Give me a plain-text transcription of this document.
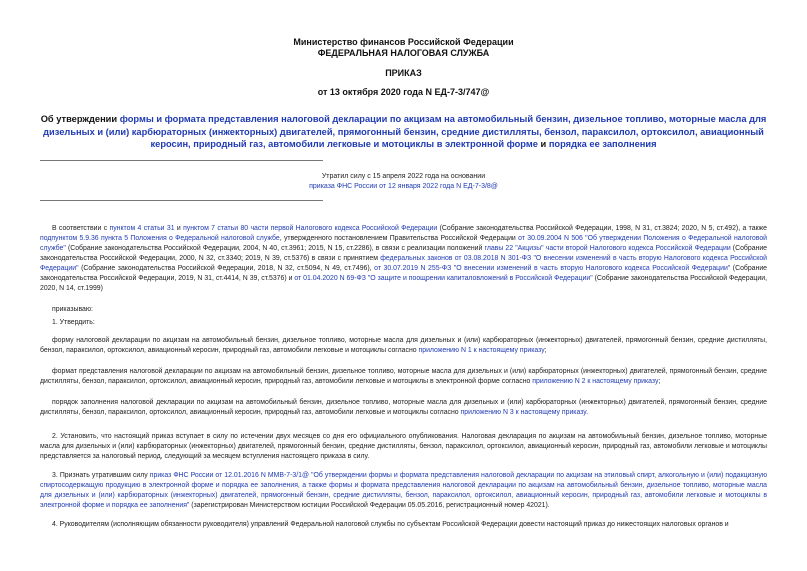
Министерство финансов Российской Федерации
ФЕДЕРАЛЬНАЯ НАЛОГОВАЯ СЛУЖБА
ПРИКАЗ
от 13 октября 2020 года N ЕД-7-3/747@
Об утверждении формы и формата представления налоговой декларации по акцизам на автомобильный бензин, дизельное топливо, моторные масла для дизельных и (или) карбюраторных (инжекторных) двигателей, прямогонный бензин, средние дистилляты, бензол, параксилол, ортоксилол, авиационный керосин, природный газ, автомобили легковые и мотоциклы в электронной форме и порядка ее заполнения
Утратил силу с 15 апреля 2022 года на основании
приказа ФНС России от 12 января 2022 года N ЕД-7-3/8@
В соответствии с пунктом 4 статьи 31 и пунктом 7 статьи 80 части первой Налогового кодекса Российской Федерации (Собрание законодательства Российской Федерации, 1998, N 31, ст.3824; 2020, N 5, ст.492), а также подпунктом 5.9.36 пункта 5 Положения о Федеральной налоговой службе, утвержденного постановлением Правительства Российской Федерации от 30.09.2004 N 506 "Об утверждении Положения о Федеральной налоговой службе" (Собрание законодательства Российской Федерации, 2004, N 40, ст.3961; 2015, N 15, ст.2286), в связи с реализации положений главы 22 "Акцизы" части второй Налогового кодекса Российской Федерации (Собрание законодательства Российской Федерации, 2000, N 32, ст.3340; 2019, N 39, ст.5376) в связи с принятием федеральных законов от 03.08.2018 N 301-ФЗ "О внесении изменений в часть вторую Налогового кодекса Российской Федерации" (Собрание законодательства Российской Федерации, 2018, N 32, ст.5094, N 49, ст.7496), от 30.07.2019 N 255-ФЗ "О внесении изменений в часть вторую Налогового кодекса Российской Федерации" (Собрание законодательства Российской Федерации, 2019, N 31, ст.4414, N 39, ст.5376) и от 01.04.2020 N 69-ФЗ "О защите и поощрении капиталовложений в Российской Федерации" (Собрание законодательства Российской Федерации, 2020, N 14, ст.1999)
приказываю:
1. Утвердить:
форму налоговой декларации по акцизам на автомобильный бензин, дизельное топливо, моторные масла для дизельных и (или) карбюраторных (инжекторных) двигателей, прямогонный бензин, средние дистилляты, бензол, параксилол, ортоксилол, авиационный керосин, природный газ, автомобили легковые и мотоциклы согласно приложению N 1 к настоящему приказу;
формат представления налоговой декларации по акцизам на автомобильный бензин, дизельное топливо, моторные масла для дизельных и (или) карбюраторных (инжекторных) двигателей, прямогонный бензин, средние дистилляты, бензол, параксилол, ортоксилол, авиационный керосин, природный газ, автомобили легковые и мотоциклы в электронной форме согласно приложению N 2 к настоящему приказу;
порядок заполнения налоговой декларации по акцизам на автомобильный бензин, дизельное топливо, моторные масла для дизельных и (или) карбюраторных (инжекторных) двигателей, прямогонный бензин, средние дистилляты, бензол, параксилол, ортоксилол, авиационный керосин, природный газ, автомобили легковые и мотоциклы согласно приложению N 3 к настоящему приказу.
2. Установить, что настоящий приказ вступает в силу по истечении двух месяцев со дня его официального опубликования. Налоговая декларация по акцизам на автомобильный бензин, дизельное топливо, моторные масла для дизельных и (или) карбюраторных (инжекторных) двигателей, прямогонный бензин, средние дистилляты, бензол, параксилол, ортоксилол, авиационный керосин, природный газ, автомобили легковые и мотоциклы представляется за налоговый период, следующий за месяцем вступления настоящего приказа в силу.
3. Признать утратившим силу приказ ФНС России от 12.01.2016 N ММВ-7-3/1@ "Об утверждении формы и формата представления налоговой декларации по акцизам на этиловый спирт, алкогольную и (или) подакцизную спиртосодержащую продукцию в электронной форме и порядка ее заполнения, а также формы и формата представления налоговой декларации по акцизам на автомобильный бензин, дизельное топливо, моторные масла для дизельных и (или) карбюраторных (инжекторных) двигателей, прямогонный бензин, средние дистилляты, бензол, параксилол, ортоксилол, авиационный керосин, природный газ, автомобили легковые и мотоциклы в электронной форме и порядка ее заполнения" (зарегистрирован Министерством юстиции Российской Федерации 05.05.2016, регистрационный номер 42021).
4. Руководителям (исполняющим обязанности руководителя) управлений Федеральной налоговой службы по субъектам Российской Федерации довести настоящий приказ до нижестоящих налоговых органов и
